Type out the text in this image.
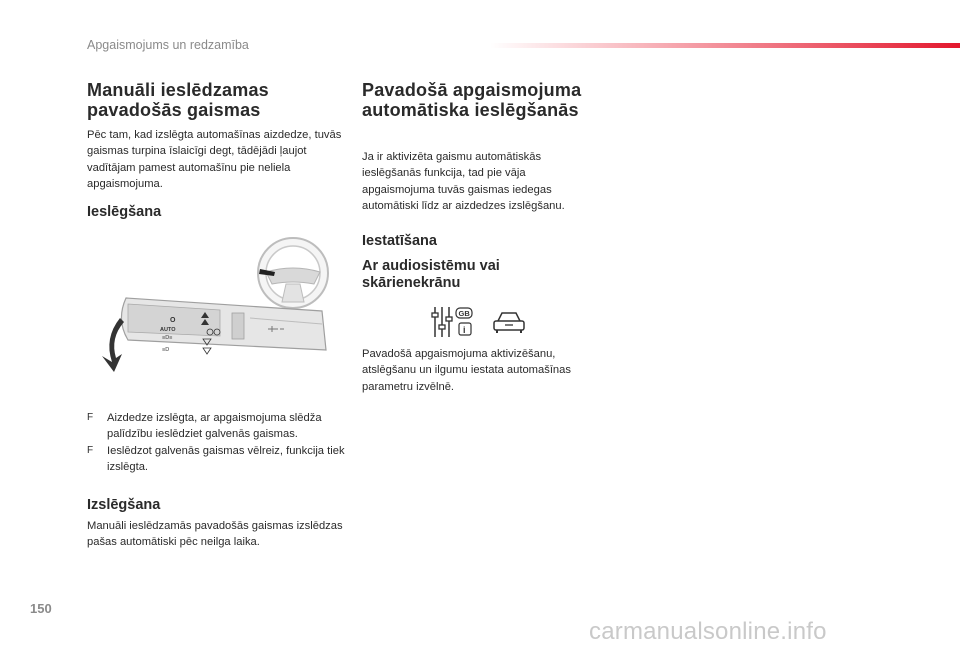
Apgaismojums un redzamība
Manuāli ieslēdzamas
pavadošās gaismas
Pēc tam, kad izslēgta automašīnas aizdedze, tuvās gaismas turpina īslaicīgi degt, tādējādi ļaujot vadītājam pamest automašīnu pie neliela apgaismojuma.
Ieslēgšana
O
AUTO
≡D≡
≡D
F Aizdedze izslēgta, ar apgaismojuma slēdža palīdzību ieslēdziet galvenās gaismas.
F Ieslēdzot galvenās gaismas vēlreiz, funkcija tiek izslēgta.
Izslēgšana
Manuāli ieslēdzamās pavadošās gaismas izslēdzas pašas automātiski pēc neilga laika.
Pavadošā apgaismojuma
automātiska ieslēgšanās
Ja ir aktivizēta gaismu automātiskās ieslēgšanās funkcija, tad pie vāja apgaismojuma tuvās gaismas iedegas automātiski līdz ar aizdedzes izslēgšanu.
Iestatīšana
Ar audiosistēmu vai
skārienekrānu
GB
i
Pavadošā apgaismojuma aktivizēšanu, atslēgšanu un ilgumu iestata automašīnas parametru izvēlnē.
150
carmanualsonline.info
